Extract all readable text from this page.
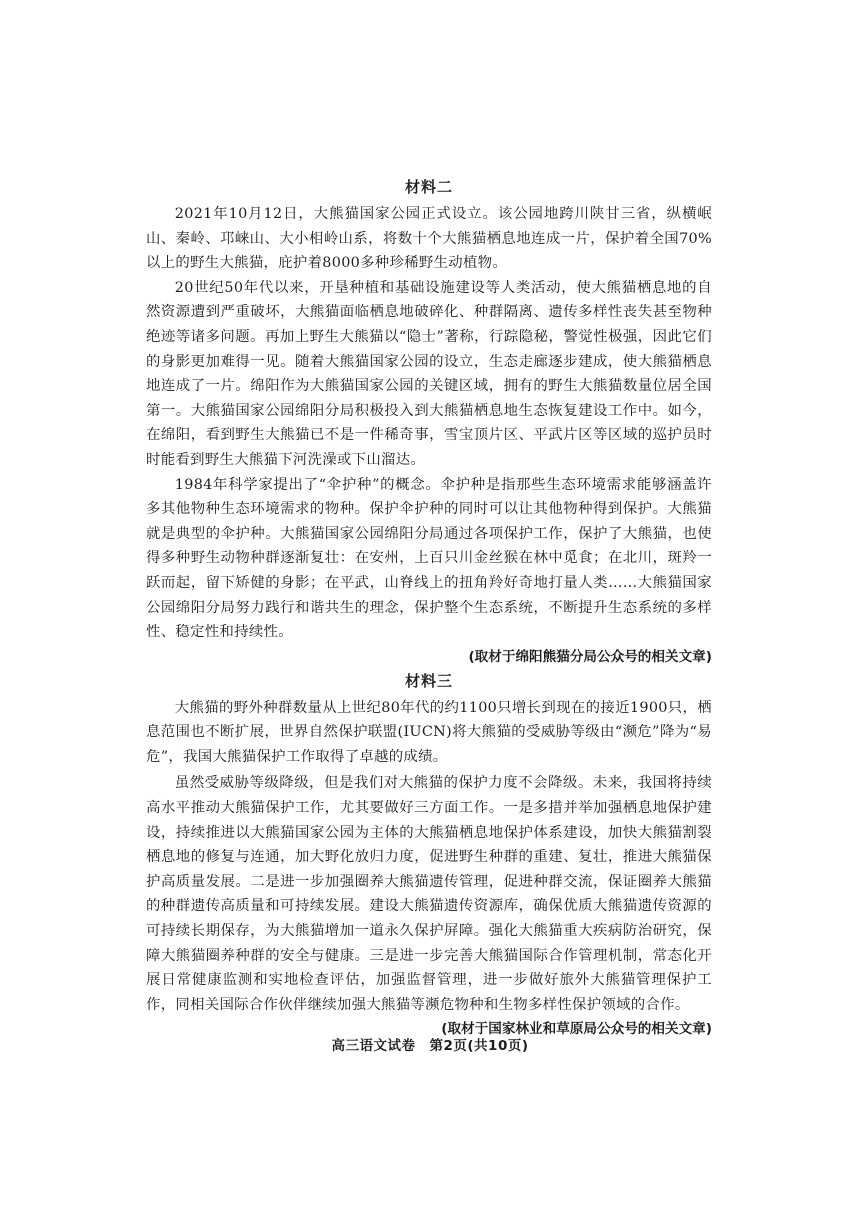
材料二

2021年10月12日，大熊猫国家公园正式设立。该公园地跨川陕甘三省，纵横岷山、秦岭、邛崃山、大小相岭山系，将数十个大熊猫栖息地连成一片，保护着全国70%以上的野生大熊猫，庇护着8000多种珍稀野生动植物。

20世纪50年代以来，开垦种植和基础设施建设等人类活动，使大熊猫栖息地的自然资源遭到严重破坏，大熊猫面临栖息地破碎化、种群隔离、遗传多样性丧失甚至物种绝迹等诸多问题。再加上野生大熊猫以“隐士”著称，行踪隐秘，警觉性极强，因此它们的身影更加难得一见。随着大熊猫国家公园的设立，生态走廊逐步建成，使大熊猫栖息地连成了一片。绵阳作为大熊猫国家公园的关键区域，拥有的野生大熊猫数量位居全国第一。大熊猫国家公园绵阳分局积极投入到大熊猫栖息地生态恢复建设工作中。如今，在绵阳，看到野生大熊猫已不是一件稀奇事，雪宝顶片区、平武片区等区域的巡护员时时能看到野生大熊猫下河洗澡或下山溜达。

1984年科学家提出了“伞护种”的概念。伞护种是指那些生态环境需求能够涵盖许多其他物种生态环境需求的物种。保护伞护种的同时可以让其他物种得到保护。大熊猫就是典型的伞护种。大熊猫国家公园绵阳分局通过各项保护工作，保护了大熊猫，也使得多种野生动物种群逐渐复壮：在安州，上百只川金丝猴在林中觅食；在北川，斑羚一跃而起，留下矫健的身影；在平武，山脊线上的扭角羚好奇地打量人类……大熊猫国家公园绵阳分局努力践行和谐共生的理念，保护整个生态系统，不断提升生态系统的多样性、稳定性和持续性。

(取材于绵阳熊猫分局公众号的相关文章)

材料三

大熊猫的野外种群数量从上世纪80年代的约1100只增长到现在的接近1900只，栖息范围也不断扩展，世界自然保护联盟(IUCN)将大熊猫的受威胁等级由“濒危”降为“易危”，我国大熊猫保护工作取得了卓越的成绩。

虽然受威胁等级降级，但是我们对大熊猫的保护力度不会降级。未来，我国将持续高水平推动大熊猫保护工作，尤其要做好三方面工作。一是多措并举加强栖息地保护建设，持续推进以大熊猫国家公园为主体的大熊猫栖息地保护体系建设，加快大熊猫割裂栖息地的修复与连通，加大野化放归力度，促进野生种群的重建、复壮，推进大熊猫保护高质量发展。二是进一步加强圈养大熊猫遗传管理，促进种群交流，保证圈养大熊猫的种群遗传高质量和可持续发展。建设大熊猫遗传资源库，确保优质大熊猫遗传资源的可持续长期保存，为大熊猫增加一道永久保护屏障。强化大熊猫重大疾病防治研究，保障大熊猫圈养种群的安全与健康。三是进一步完善大熊猫国际合作管理机制，常态化开展日常健康监测和实地检查评估，加强监督管理，进一步做好旅外大熊猫管理保护工作，同相关国际合作伙伴继续加强大熊猫等濒危物种和生物多样性保护领域的合作。

(取材于国家林业和草原局公众号的相关文章)

高三语文试卷　第2页(共10页)
